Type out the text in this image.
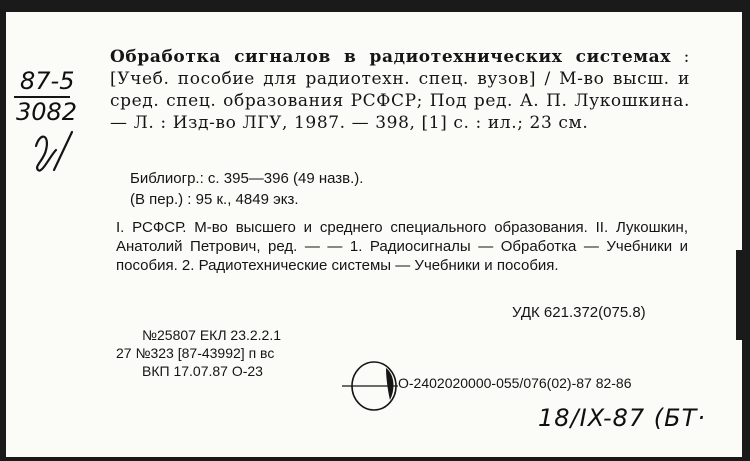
Обработка сигналов в радиотехнических системах : [Учеб. пособие для радиотехн. спец. вузов] / М-во высш. и сред. спец. образования РСФСР; Под ред. А. П. Лукошкина. — Л. : Изд-во ЛГУ, 1987. — 398, [1] с. : ил.; 23 см.

Библиогр.: с. 395—396 (49 назв.).
(В пер.) : 95 к., 4849 экз.
I. РСФСР. М-во высшего и среднего специального образования. II. Лукошкин, Анатолий Петрович, ред. — — 1. Радиосигналы — Обработка — Учебники и пособия. 2. Радиотехнические системы — Учебники и пособия.
УДК 621.372(075.8)
№25807 ЕКЛ 23.2.2.1
27 №323 [87-43992] п вс
ВКП 17.07.87 О-23
О-2402020000-055/076(02)-87 82-86
87-5
3082
18/IX-87 (БТ·
